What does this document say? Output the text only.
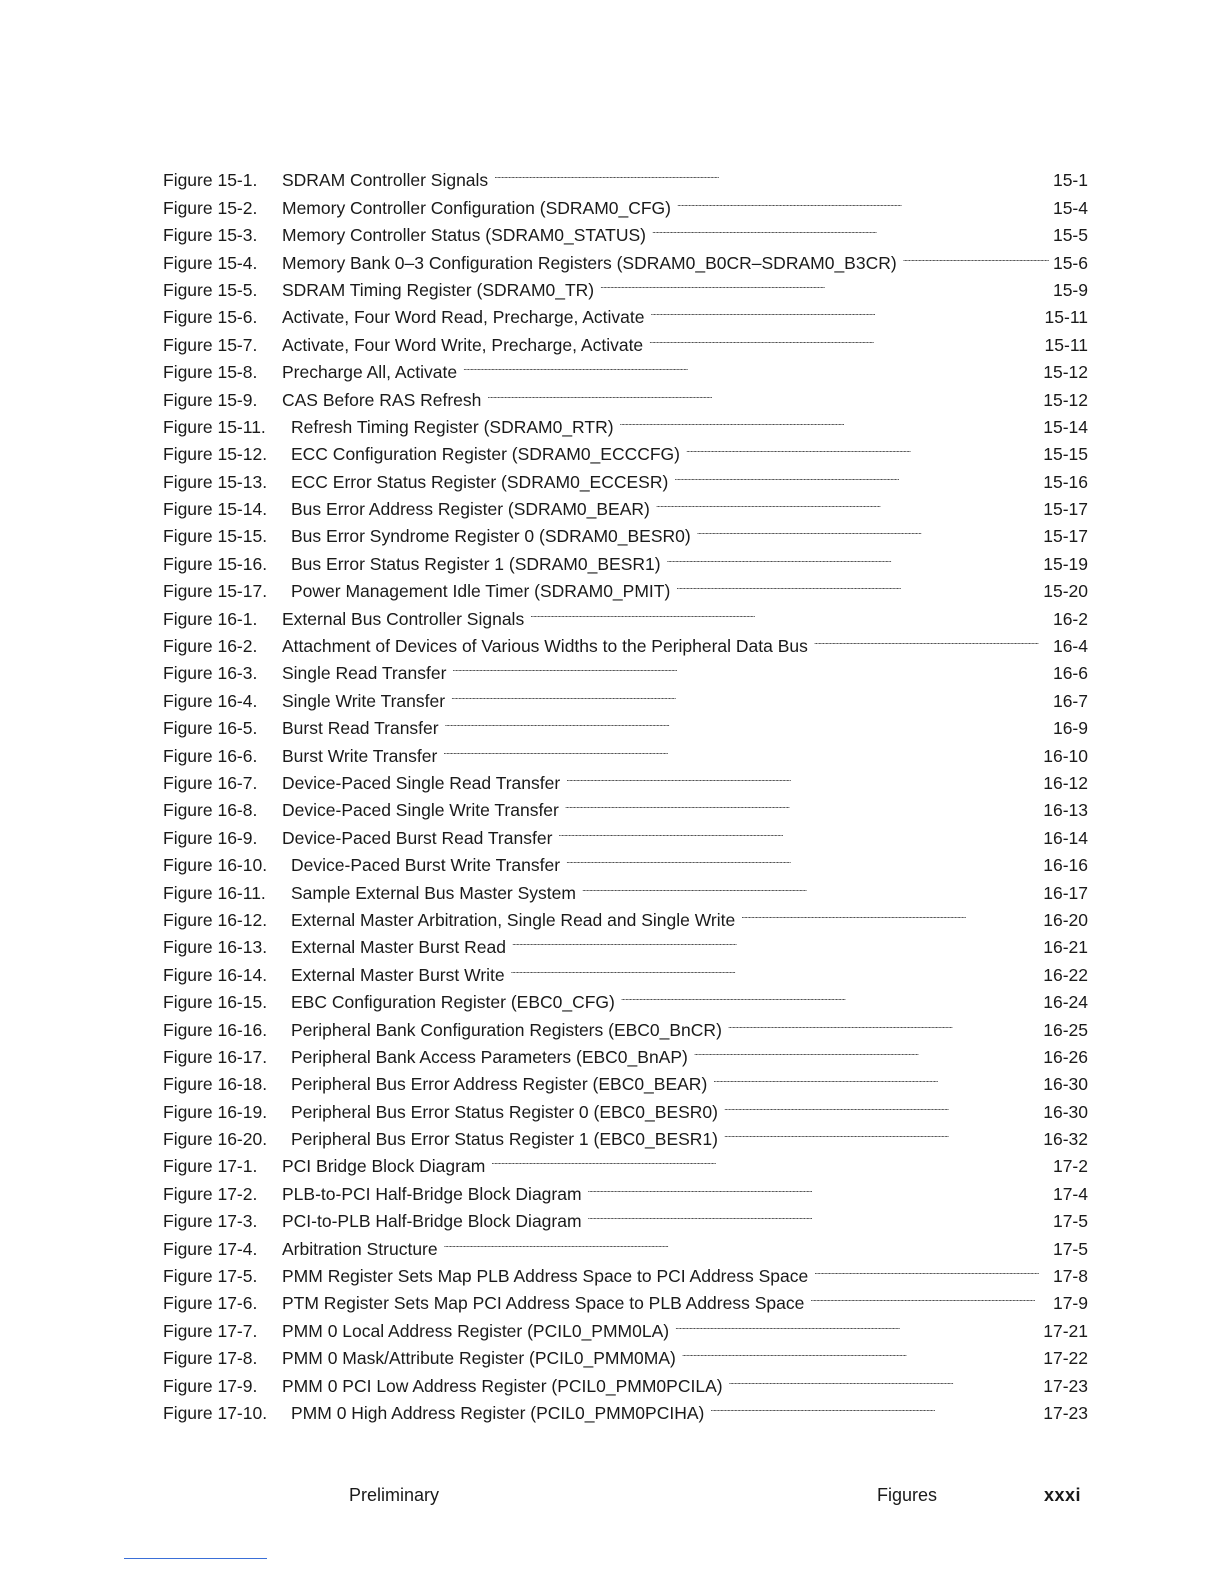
Figure 15-1.	SDRAM Controller Signals . . .	15-1
Figure 15-2.	Memory Controller Configuration (SDRAM0_CFG) . . .	15-4
Figure 15-3.	Memory Controller Status (SDRAM0_STATUS) . . .	15-5
Figure 15-4.	Memory Bank 0–3 Configuration Registers (SDRAM0_B0CR–SDRAM0_B3CR) . . .	15-6
Figure 15-5.	SDRAM Timing Register (SDRAM0_TR) . . .	15-9
Figure 15-6.	Activate, Four Word Read, Precharge, Activate . . .	15-11
Figure 15-7.	Activate, Four Word Write, Precharge, Activate . . .	15-11
Figure 15-8.	Precharge All, Activate . . .	15-12
Figure 15-9.	CAS Before RAS Refresh . . .	15-12
Figure 15-11.	Refresh Timing Register (SDRAM0_RTR) . . .	15-14
Figure 15-12.	ECC Configuration Register (SDRAM0_ECCCFG) . . .	15-15
Figure 15-13.	ECC Error Status Register (SDRAM0_ECCESR) . . .	15-16
Figure 15-14.	Bus Error Address Register (SDRAM0_BEAR) . . .	15-17
Figure 15-15.	Bus Error Syndrome Register 0 (SDRAM0_BESR0) . . .	15-17
Figure 15-16.	Bus Error Status Register 1 (SDRAM0_BESR1) . . .	15-19
Figure 15-17.	Power Management Idle Timer (SDRAM0_PMIT) . . .	15-20
Figure 16-1.	External Bus Controller Signals . . .	16-2
Figure 16-2.	Attachment of Devices of Various Widths to the Peripheral Data Bus . . .	16-4
Figure 16-3.	Single Read Transfer . . .	16-6
Figure 16-4.	Single Write Transfer . . .	16-7
Figure 16-5.	Burst Read Transfer . . .	16-9
Figure 16-6.	Burst Write Transfer . . .	16-10
Figure 16-7.	Device-Paced Single Read Transfer . . .	16-12
Figure 16-8.	Device-Paced Single Write Transfer . . .	16-13
Figure 16-9.	Device-Paced Burst Read Transfer . . .	16-14
Figure 16-10.	Device-Paced Burst Write Transfer . . .	16-16
Figure 16-11.	Sample External Bus Master System . . .	16-17
Figure 16-12.	External Master Arbitration, Single Read and Single Write . . .	16-20
Figure 16-13.	External Master Burst Read . . .	16-21
Figure 16-14.	External Master Burst Write . . .	16-22
Figure 16-15.	EBC Configuration Register (EBC0_CFG) . . .	16-24
Figure 16-16.	Peripheral Bank Configuration Registers (EBC0_BnCR) . . .	16-25
Figure 16-17.	Peripheral Bank Access Parameters (EBC0_BnAP) . . .	16-26
Figure 16-18.	Peripheral Bus Error Address Register (EBC0_BEAR) . . .	16-30
Figure 16-19.	Peripheral Bus Error Status Register 0 (EBC0_BESR0) . . .	16-30
Figure 16-20.	Peripheral Bus Error Status Register 1 (EBC0_BESR1) . . .	16-32
Figure 17-1.	PCI Bridge Block Diagram . . .	17-2
Figure 17-2.	PLB-to-PCI Half-Bridge Block Diagram . . .	17-4
Figure 17-3.	PCI-to-PLB Half-Bridge Block Diagram . . .	17-5
Figure 17-4.	Arbitration Structure . . .	17-5
Figure 17-5.	PMM Register Sets Map PLB Address Space to PCI Address Space . . .	17-8
Figure 17-6.	PTM Register Sets Map PCI Address Space to PLB Address Space . . .	17-9
Figure 17-7.	PMM 0 Local Address Register (PCIL0_PMM0LA) . . .	17-21
Figure 17-8.	PMM 0 Mask/Attribute Register (PCIL0_PMM0MA) . . .	17-22
Figure 17-9.	PMM 0 PCI Low Address Register (PCIL0_PMM0PCILA) . . .	17-23
Figure 17-10.	PMM 0 High Address Register (PCIL0_PMM0PCIHA) . . .	17-23
Preliminary	Figures	xxxi
